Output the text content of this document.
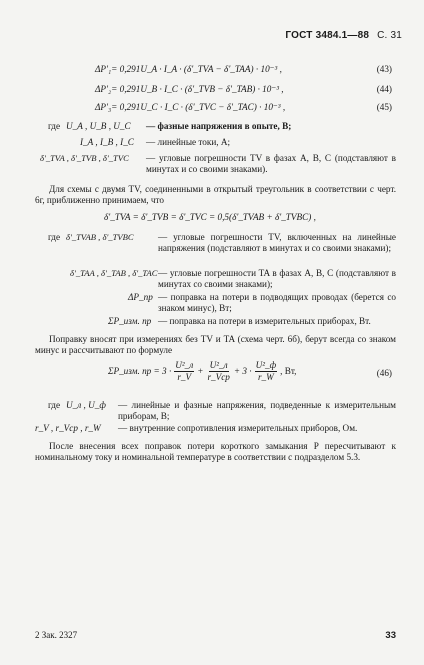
ГОСТ 3484.1—88 С. 31
ΔP'₁= 0,291U_A · I_A · (δ'_TVA − δ'_TAA) · 10⁻³ ,	(43)
ΔP'₂= 0,291U_B · I_C · (δ'_TVB − δ'_TAB) · 10⁻³ ,	(44)
ΔP'₃= 0,291U_C · I_C · (δ'_TVC − δ'_TAC) · 10⁻³ ,	(45)
где U_A , U_B , U_C — фазные напряжения в опыте, В;
I_A , I_B , I_C — линейные токи, А;
δ'_TVA , δ'_TVB , δ'_TVC — угловые погрешности TV в фазах А, В, С (подставляют в минутах и со своими знаками).
Для схемы с двумя TV, соединенными в открытый треугольник в соответствии с черт. 6г, приближенно принимаем, что
δ'_TVA = δ'_TVB = δ'_TVC = 0,5(δ'_TVAB + δ'_TVBC) ,
где δ'_TVAB , δ'_TVBC	— угловые погрешности TV, включенных на линейные напряжения (подставляют в минутах и со своими знаками);
δ'_TAA , δ'_TAB , δ'_TAC — угловые погрешности TA в фазах А, В, С (подставляют в минутах со своими знаками);
ΔP_пр — поправка на потери в подводящих проводах (берется со знаком минус), Вт;
ΣP_изм. пр — поправка на потери в измерительных приборах, Вт.
Поправку вносят при измерениях без TV и TA (схема черт. 6б), берут всегда со знаком минус и рассчитывают по формуле
ΣP_изм. пр = $3 \cdot \frac{\text{U²\_л}}{r\_V} + \frac{\text{U²\_л}}{\text{r\_Vср}} + 3 \cdot \frac{\text{U²\_ф}}{r\_W}$ , Вт,	(46)
где U_л , U_ф — линейные и фазные напряжения, подведенные к измерительным приборам, В;
r_V , r_Vср , r_W — внутренние сопротивления измерительных приборов, Ом.
После внесения всех поправок потери короткого замыкания P пересчитывают к номинальному току и номинальной температуре в соответствии с подразделом 5.3.
2 Зак. 2327	33
